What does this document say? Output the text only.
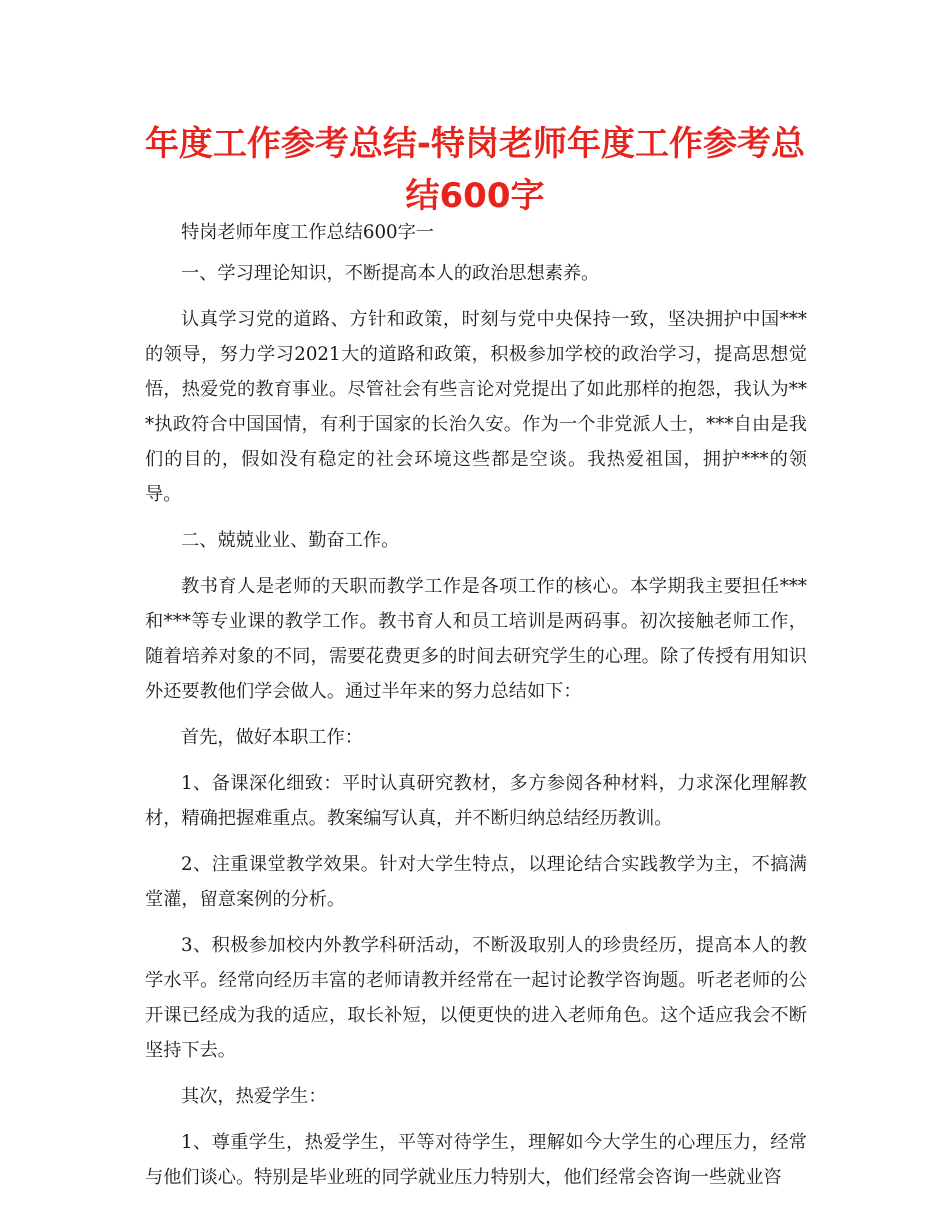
年度工作参考总结-特岗老师年度工作参考总结600字

特岗老师年度工作总结600字一

一、学习理论知识，不断提高本人的政治思想素养。

认真学习党的道路、方针和政策，时刻与党中央保持一致，坚决拥护中国***的领导，努力学习2021大的道路和政策，积极参加学校的政治学习，提高思想觉悟，热爱党的教育事业。尽管社会有些言论对党提出了如此那样的抱怨，我认为***执政符合中国国情，有利于国家的长治久安。作为一个非党派人士，***自由是我们的目的，假如没有稳定的社会环境这些都是空谈。我热爱祖国，拥护***的领导。

二、兢兢业业、勤奋工作。

教书育人是老师的天职而教学工作是各项工作的核心。本学期我主要担任***和***等专业课的教学工作。教书育人和员工培训是两码事。初次接触老师工作，随着培养对象的不同，需要花费更多的时间去研究学生的心理。除了传授有用知识外还要教他们学会做人。通过半年来的努力总结如下：

首先，做好本职工作：

1、备课深化细致：平时认真研究教材，多方参阅各种材料，力求深化理解教材，精确把握难重点。教案编写认真，并不断归纳总结经历教训。

2、注重课堂教学效果。针对大学生特点，以理论结合实践教学为主，不搞满堂灌，留意案例的分析。

3、积极参加校内外教学科研活动，不断汲取别人的珍贵经历，提高本人的教学水平。经常向经历丰富的老师请教并经常在一起讨论教学咨询题。听老老师的公开课已经成为我的适应，取长补短，以便更快的进入老师角色。这个适应我会不断坚持下去。

其次，热爱学生：

1、尊重学生，热爱学生，平等对待学生，理解如今大学生的心理压力，经常与他们谈心。特别是毕业班的同学就业压力特别大，他们经常会咨询一些就业咨
